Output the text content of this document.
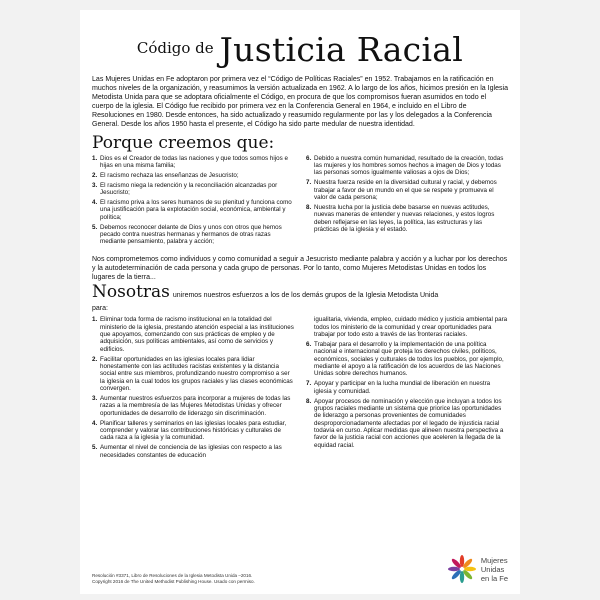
Código de Justicia Racial

Las Mujeres Unidas en Fe adoptaron por primera vez el “Código de Políticas Raciales” en 1952. Trabajamos en la ratificación en muchos niveles de la organización, y reasumimos la versión actualizada en 1962. A lo largo de los años, hicimos presión en la Iglesia Metodista Unida para que se adoptara oficialmente el Código, en procura de que los compromisos fueran asumidos en todo el cuerpo de la iglesia. El Código fue recibido por primera vez en la Conferencia General en 1964, e incluido en el Libro de Resoluciones en 1980. Desde entonces, ha sido actualizado y reasumido regularmente por las y los delegados a la Conferencia General. Desde los años 1950 hasta el presente, el Código ha sido parte medular de nuestra identidad.

Porque creemos que:
1. Dios es el Creador de todas las naciones y que todos somos hijos e hijas en una misma familia;
2. El racismo rechaza las enseñanzas de Jesucristo;
3. El racismo niega la redención y la reconciliación alcanzadas por Jesucristo;
4. El racismo priva a los seres humanos de su plenitud y funciona como una justificación para la explotación social, económica, ambiental y política;
5. Debemos reconocer delante de Dios y unos con otros que hemos pecado contra nuestras hermanas y hermanos de otras razas mediante pensamiento, palabra y acción;
6. Debido a nuestra común humanidad, resultado de la creación, todas las mujeres y los hombres somos hechos a imagen de Dios y todas las personas somos igualmente valiosas a ojos de Dios;
7. Nuestra fuerza reside en la diversidad cultural y racial, y debemos trabajar a favor de un mundo en el que se respete y promueva el valor de cada persona;
8. Nuestra lucha por la justicia debe basarse en nuevas actitudes, nuevas maneras de entender y nuevas relaciones, y estos logros deben reflejarse en las leyes, la política, las estructuras y las prácticas de la iglesia y el estado.

Nos comprometemos como individuos y como comunidad a seguir a Jesucristo mediante palabra y acción y a luchar por los derechos y la autodeterminación de cada persona y cada grupo de personas. Por lo tanto, como Mujeres Metodistas Unidas en todos los lugares de la tierra...

Nosotras uniremos nuestros esfuerzos a los de los demás grupos de la Iglesia Metodista Unida
para:
1. Eliminar toda forma de racismo institucional en la totalidad del ministerio de la iglesia, prestando atención especial a las instituciones que apoyamos, comenzando con sus prácticas de empleo y de adquisición, sus políticas ambientales, así como de servicios y edificios.
2. Facilitar oportunidades en las iglesias locales para lidiar honestamente con las actitudes racistas existentes y la distancia social entre sus miembros, profundizando nuestro compromiso a ser la iglesia en la cual todos los grupos raciales y las clases económicas convergen.
3. Aumentar nuestros esfuerzos para incorporar a mujeres de todas las razas a la membresía de las Mujeres Metodistas Unidas y ofrecer oportunidades de desarrollo de liderazgo sin discriminación.
4. Planificar talleres y seminarios en las iglesias locales para estudiar, comprender y valorar las contribuciones históricas y culturales de cada raza a la iglesia y la comunidad.
5. Aumentar el nivel de conciencia de las iglesias con respecto a las necesidades constantes de educación
igualitaria, vivienda, empleo, cuidado médico y justicia ambiental para todos los ministerio de la comunidad y crear oportunidades para trabajar por todo esto a través de las fronteras raciales.
6. Trabajar para el desarrollo y la implementación de una política nacional e internacional que proteja los derechos civiles, políticos, económicos, sociales y culturales de todos los pueblos, por ejemplo, mediante el apoyo a la ratificación de los acuerdos de las Naciones Unidas sobre derechos humanos.
7. Apoyar y participar en la lucha mundial de liberación en nuestra iglesia y comunidad.
8. Apoyar procesos de nominación y elección que incluyan a todos los grupos raciales mediante un sistema que priorice las oportunidades de liderazgo a personas provenientes de comunidades desproporcionadamente afectadas por el legado de injusticia racial todavía en curso. Aplicar medidas que alineen nuestra perspectiva a favor de la justicia racial con acciones que aceleren la llegada de la equidad racial.
Resolución #3371, Libro de Resoluciones de la Iglesia Metodista Unida –2016.
Copyright 2016 de The United Methodist Publishing House. Usado con permiso.
Mujeres
Unidas
en la Fe
